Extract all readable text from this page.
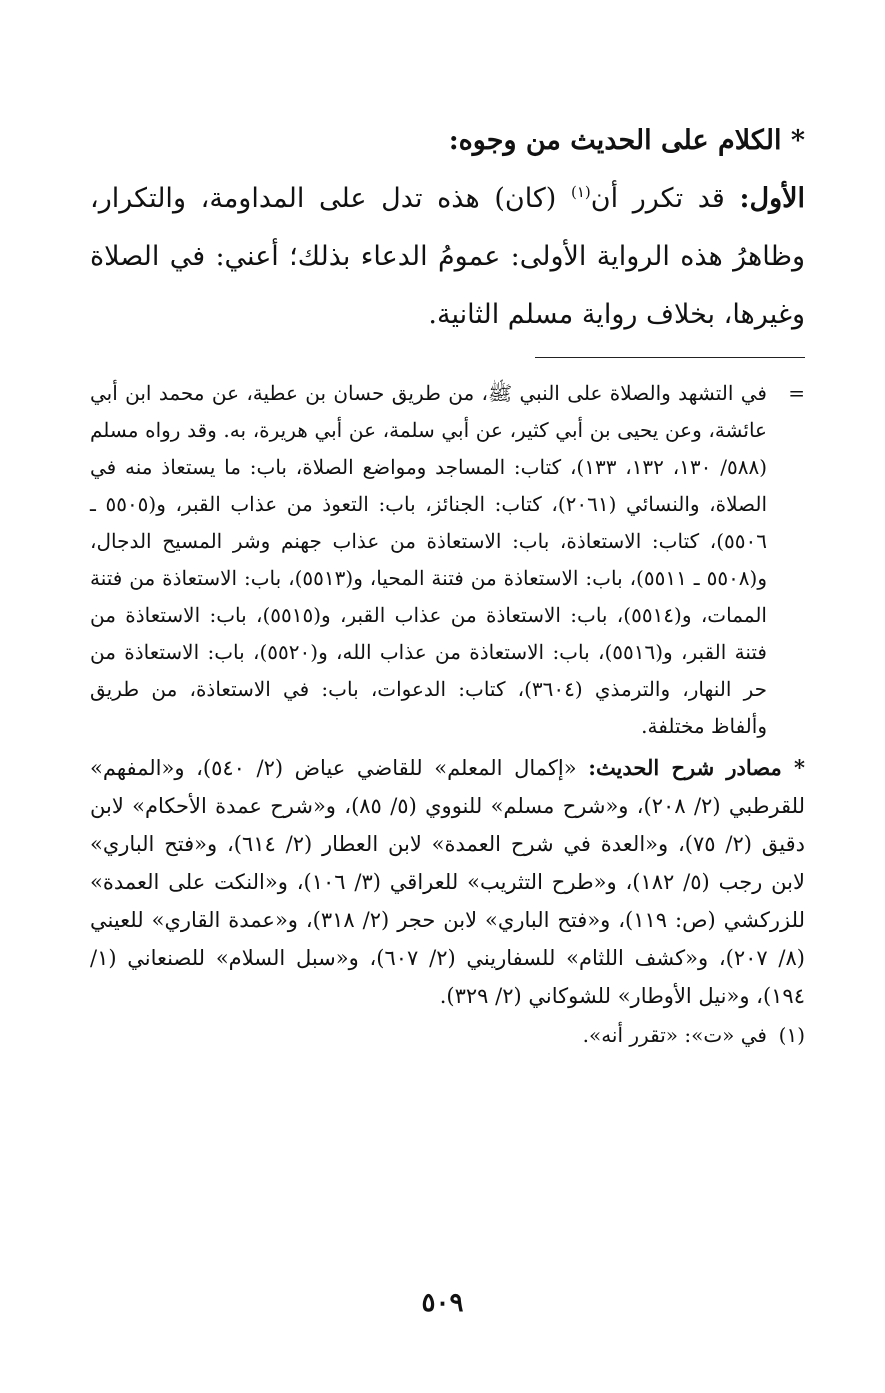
* الكلام على الحديث من وجوه:

الأول: قد تكرر أن$^{(١)}$ (كان) هذه تدل على المداومة، والتكرار، وظاهرُ هذه الرواية الأولى: عمومُ الدعاء بذلك؛ أعني: في الصلاة وغيرها، بخلاف رواية مسلم الثانية.

=
في التشهد والصلاة على النبي ﷺ، من طريق حسان بن عطية، عن محمد ابن أبي عائشة، وعن يحيى بن أبي كثير، عن أبي سلمة، عن أبي هريرة، به. وقد رواه مسلم (٥٨٨/ ١٣٠، ١٣٢، ١٣٣)، كتاب: المساجد ومواضع الصلاة، باب: ما يستعاذ منه في الصلاة، والنسائي (٢٠٦١)، كتاب: الجنائز، باب: التعوذ من عذاب القبر، و(٥٥٠٥ ـ ٥٥٠٦)، كتاب: الاستعاذة، باب: الاستعاذة من عذاب جهنم وشر المسيح الدجال، و(٥٥٠٨ ـ ٥٥١١)، باب: الاستعاذة من فتنة المحيا، و(٥٥١٣)، باب: الاستعاذة من فتنة الممات، و(٥٥١٤)، باب: الاستعاذة من عذاب القبر، و(٥٥١٥)، باب: الاستعاذة من فتنة القبر، و(٥٥١٦)، باب: الاستعاذة من عذاب الله، و(٥٥٢٠)، باب: الاستعاذة من حر النهار، والترمذي (٣٦٠٤)، كتاب: الدعوات، باب: في الاستعاذة، من طريق وألفاظ مختلفة.

* مصادر شرح الحديث: «إكمال المعلم» للقاضي عياض (٢/ ٥٤٠)، و«المفهم» للقرطبي (٢/ ٢٠٨)، و«شرح مسلم» للنووي (٥/ ٨٥)، و«شرح عمدة الأحكام» لابن دقيق (٢/ ٧٥)، و«العدة في شرح العمدة» لابن العطار (٢/ ٦١٤)، و«فتح الباري» لابن رجب (٥/ ١٨٢)، و«طرح التثريب» للعراقي (٣/ ١٠٦)، و«النكت على العمدة» للزركشي (ص: ١١٩)، و«فتح الباري» لابن حجر (٢/ ٣١٨)، و«عمدة القاري» للعيني (٨/ ٢٠٧)، و«كشف اللثام» للسفاريني (٢/ ٦٠٧)، و«سبل السلام» للصنعاني (١/ ١٩٤)، و«نيل الأوطار» للشوكاني (٢/ ٣٢٩).

(١)
في «ت»: «تقرر أنه».

٥٠٩
